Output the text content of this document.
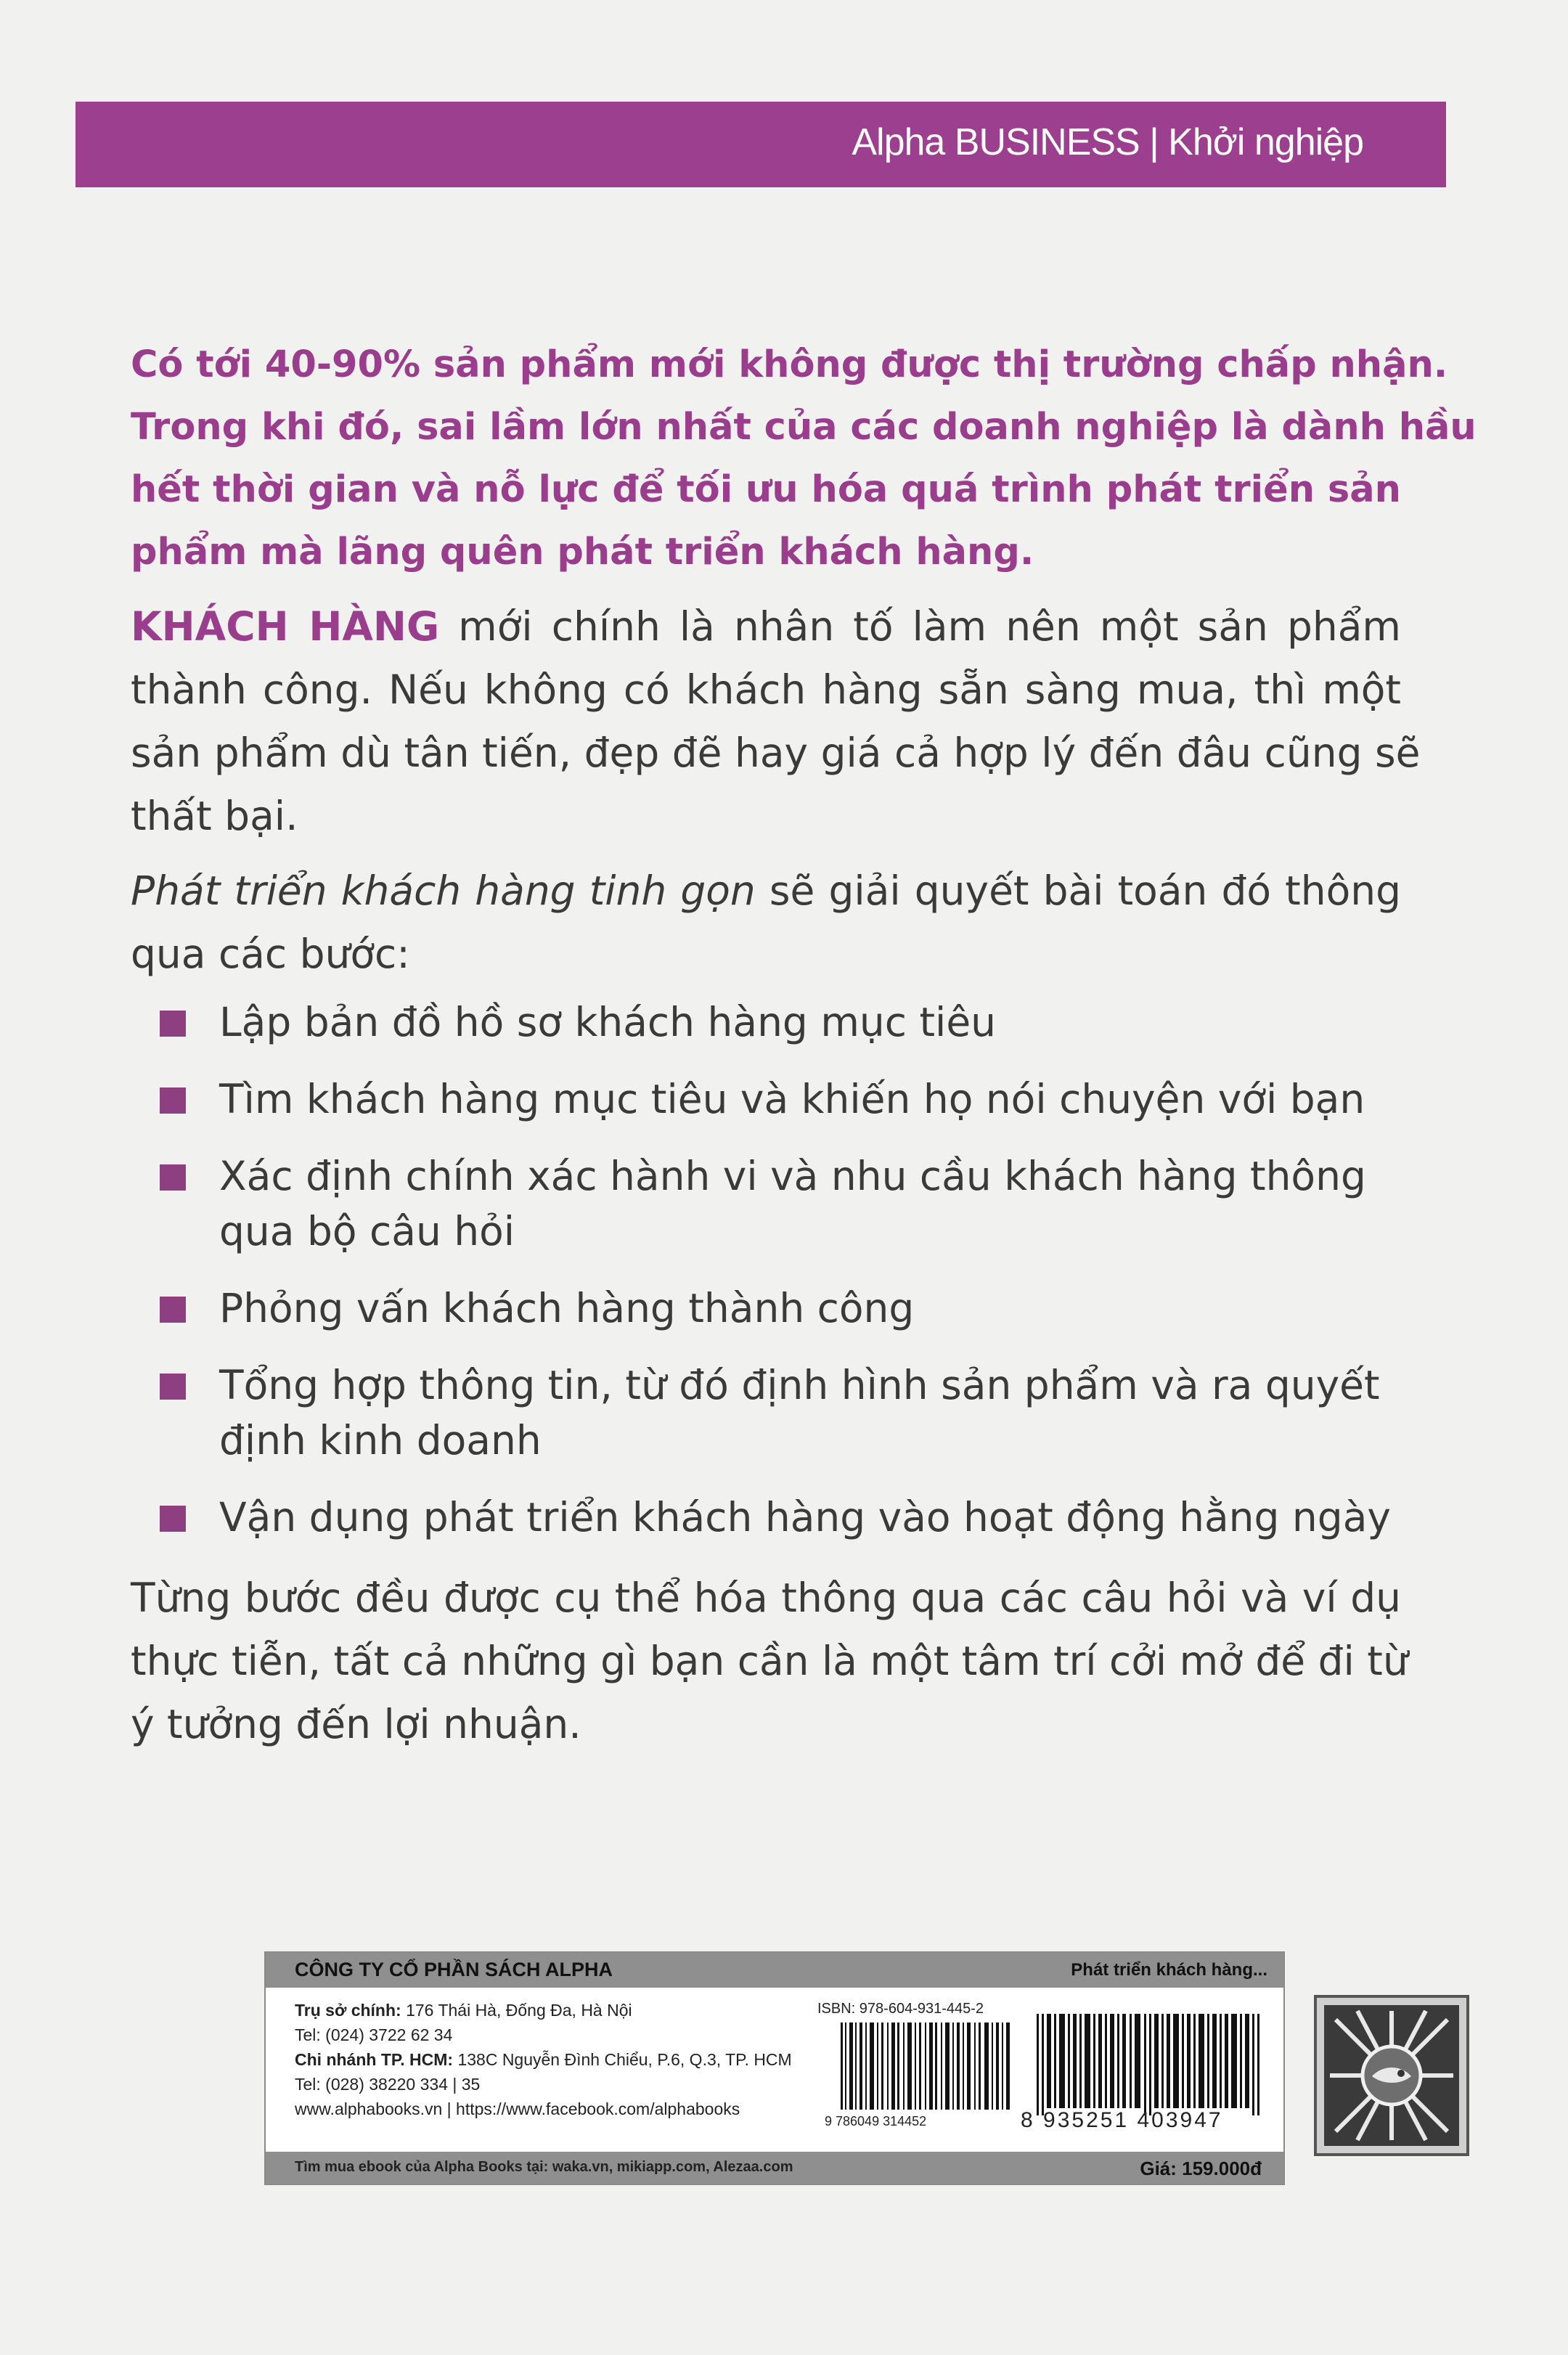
Alpha BUSINESS | Khởi nghiệp

Có tới 40-90% sản phẩm mới không được thị trường chấp nhận.
Trong khi đó, sai lầm lớn nhất của các doanh nghiệp là dành hầu
hết thời gian và nỗ lực để tối ưu hóa quá trình phát triển sản
phẩm mà lãng quên phát triển khách hàng.

KHÁCH HÀNG mới chính là nhân tố làm nên một sản phẩm
thành công. Nếu không có khách hàng sẵn sàng mua, thì một
sản phẩm dù tân tiến, đẹp đẽ hay giá cả hợp lý đến đâu cũng sẽ
thất bại.

Phát triển khách hàng tinh gọn sẽ giải quyết bài toán đó thông
qua các bước:

Lập bản đồ hồ sơ khách hàng mục tiêu
Tìm khách hàng mục tiêu và khiến họ nói chuyện với bạn
Xác định chính xác hành vi và nhu cầu khách hàng thông
qua bộ câu hỏi
Phỏng vấn khách hàng thành công
Tổng hợp thông tin, từ đó định hình sản phẩm và ra quyết
định kinh doanh
Vận dụng phát triển khách hàng vào hoạt động hằng ngày

Từng bước đều được cụ thể hóa thông qua các câu hỏi và ví dụ
thực tiễn, tất cả những gì bạn cần là một tâm trí cởi mở để đi từ
ý tưởng đến lợi nhuận.

CÔNG TY CỔ PHẦN SÁCH ALPHA	Phát triển khách hàng...
Trụ sở chính: 176 Thái Hà, Đống Đa, Hà Nội
Tel: (024) 3722 62 34
Chi nhánh TP. HCM: 138C Nguyễn Đình Chiểu, P.6, Q.3, TP. HCM
Tel: (028) 38220 334 | 35
www.alphabooks.vn | https://www.facebook.com/alphabooks
ISBN: 978-604-931-445-2
9 786049 314452	8 935251 403947
Tìm mua ebook của Alpha Books tại: waka.vn, mikiapp.com, Alezaa.com	Giá: 159.000đ
